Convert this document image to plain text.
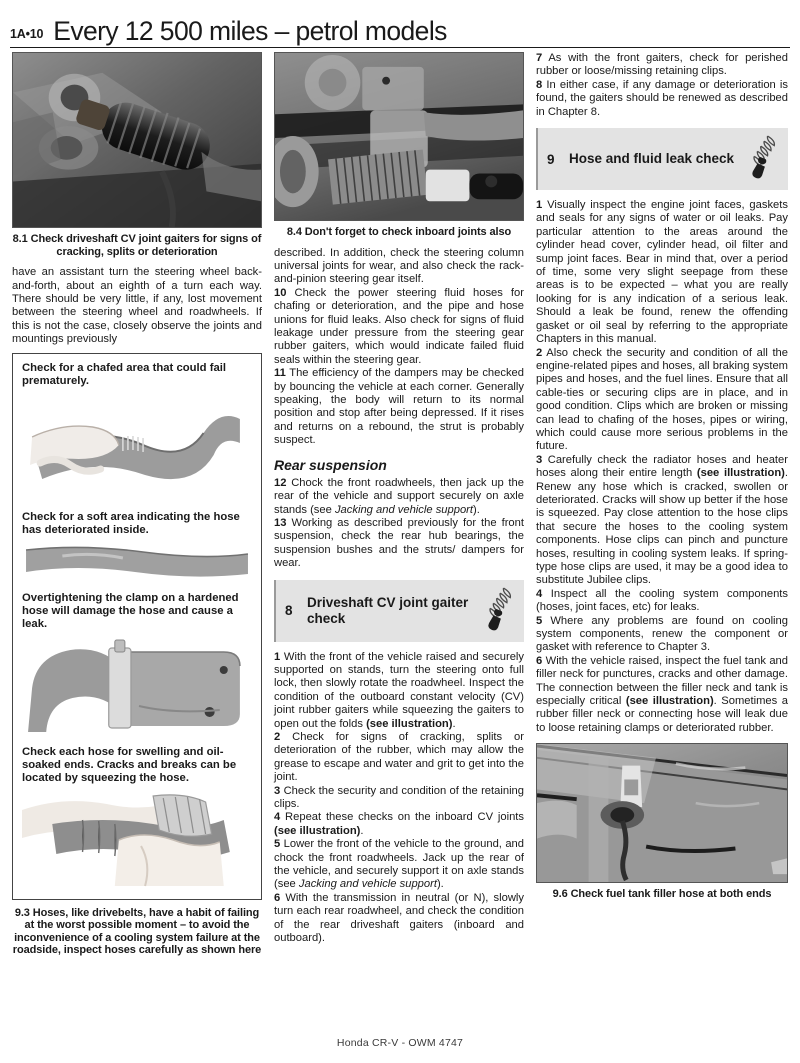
1A•10 Every 12 500 miles – petrol models
8.1 Check driveshaft CV joint gaiters for signs of cracking, splits or deterioration

have an assistant turn the steering wheel back-and-forth, about an eighth of a turn each way. There should be very little, if any, lost movement between the steering wheel and roadwheels. If this is not the case, closely observe the joints and mountings previously

Check for a chafed area that could fail prematurely.
Check for a soft area indicating the hose has deteriorated inside.
Overtightening the clamp on a hardened hose will damage the hose and cause a leak.
Check each hose for swelling and oil-soaked ends. Cracks and breaks can be located by squeezing the hose.
9.3 Hoses, like drivebelts, have a habit of failing at the worst possible moment – to avoid the inconvenience of a cooling system failure at the roadside, inspect hoses carefully as shown here
8.4 Don't forget to check inboard joints also

described. In addition, check the steering column universal joints for wear, and also check the rack-and-pinion steering gear itself.

10 Check the power steering fluid hoses for chafing or deterioration, and the pipe and hose unions for fluid leaks. Also check for signs of fluid leakage under pressure from the steering gear rubber gaiters, which would indicate failed fluid seals within the steering gear.

11 The efficiency of the dampers may be checked by bouncing the vehicle at each corner. Generally speaking, the body will return to its normal position and stop after being depressed. If it rises and returns on a rebound, the strut is probably suspect.

Rear suspension

12 Chock the front roadwheels, then jack up the rear of the vehicle and support securely on axle stands (see Jacking and vehicle support).

13 Working as described previously for the front suspension, check the rear hub bearings, the suspension bushes and the struts/ dampers for wear.

8
Driveshaft CV joint gaiter check

1 With the front of the vehicle raised and securely supported on stands, turn the steering onto full lock, then slowly rotate the roadwheel. Inspect the condition of the outboard constant velocity (CV) joint rubber gaiters while squeezing the gaiters to open out the folds (see illustration).

2 Check for signs of cracking, splits or deterioration of the rubber, which may allow the grease to escape and water and grit to get into the joint.

3 Check the security and condition of the retaining clips.

4 Repeat these checks on the inboard CV joints (see illustration).

5 Lower the front of the vehicle to the ground, and chock the front roadwheels. Jack up the rear of the vehicle, and securely support it on axle stands (see Jacking and vehicle support).

6 With the transmission in neutral (or N), slowly turn each rear roadwheel, and check the condition of the rear driveshaft gaiters (inboard and outboard).

7 As with the front gaiters, check for perished rubber or loose/missing retaining clips.

8 In either case, if any damage or deterioration is found, the gaiters should be renewed as described in Chapter 8.

9	Hose and fluid leak check

1 Visually inspect the engine joint faces, gaskets and seals for any signs of water or oil leaks. Pay particular attention to the areas around the cylinder head cover, cylinder head, oil filter and sump joint faces. Bear in mind that, over a period of time, some very slight seepage from these areas is to be expected – what you are really looking for is any indication of a serious leak. Should a leak be found, renew the offending gasket or oil seal by referring to the appropriate Chapters in this manual.

2 Also check the security and condition of all the engine-related pipes and hoses, all braking system pipes and hoses, and the fuel lines. Ensure that all cable-ties or securing clips are in place, and in good condition. Clips which are broken or missing can lead to chafing of the hoses, pipes or wiring, which could cause more serious problems in the future.

3 Carefully check the radiator hoses and heater hoses along their entire length (see illustration). Renew any hose which is cracked, swollen or deteriorated. Cracks will show up better if the hose is squeezed. Pay close attention to the hose clips that secure the hoses to the cooling system components. Hose clips can pinch and puncture hoses, resulting in cooling system leaks. If spring-type hose clips are used, it may be a good idea to substitute Jubilee clips.

4 Inspect all the cooling system components (hoses, joint faces, etc) for leaks.

5 Where any problems are found on cooling system components, renew the component or gasket with reference to Chapter 3.

6 With the vehicle raised, inspect the fuel tank and filler neck for punctures, cracks and other damage. The connection between the filler neck and tank is especially critical (see illustration). Sometimes a rubber filler neck or connecting hose will leak due to loose retaining clamps or deteriorated rubber.

9.6 Check fuel tank filler hose at both ends
Honda CR-V - OWM 4747
